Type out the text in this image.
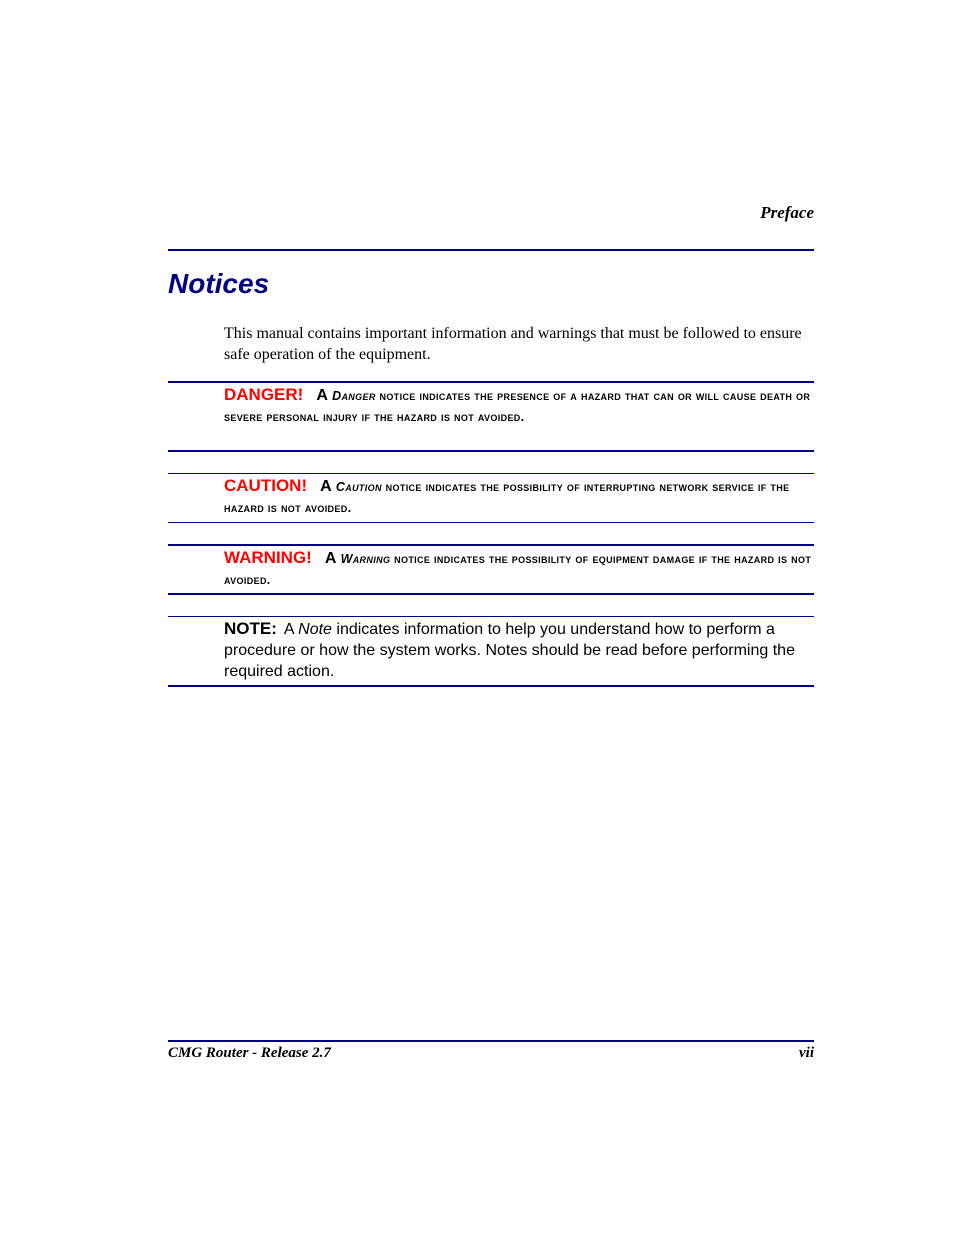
Preface
Notices

This manual contains important information and warnings that must be followed to ensure safe operation of the equipment.

DANGER! A Danger notice indicates the presence of a hazard that can or will cause death or severe personal injury if the hazard is not avoided.
CAUTION! A Caution notice indicates the possibility of interrupting network service if the hazard is not avoided.
WARNING! A Warning notice indicates the possibility of equipment damage if the hazard is not avoided.
NOTE: A Note indicates information to help you understand how to perform a procedure or how the system works. Notes should be read before performing the required action.
CMG Router - Release 2.7	vii
